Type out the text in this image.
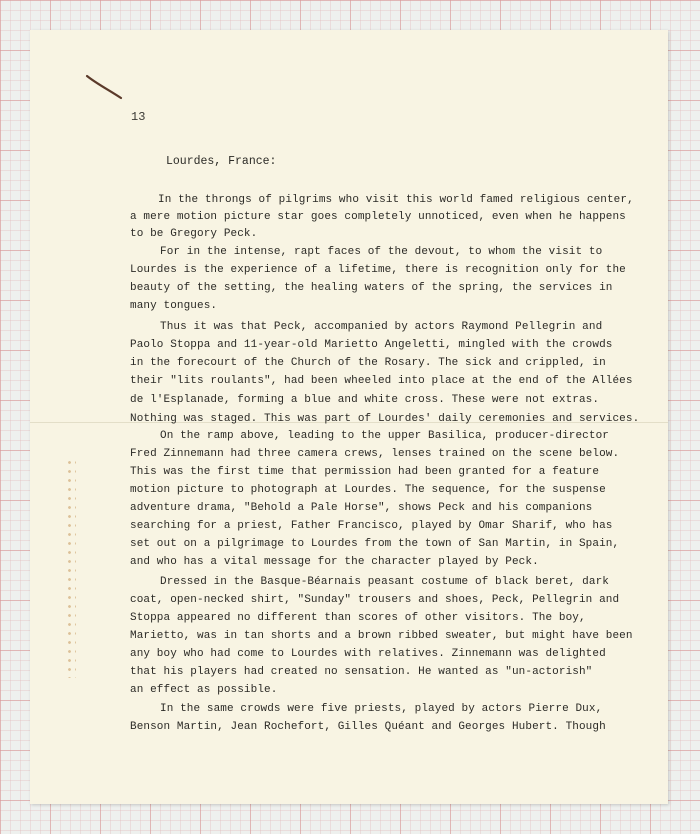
13
Lourdes, France:
In the throngs of pilgrims who visit this world famed religious center,
a mere motion picture star goes completely unnoticed, even when he happens
to be Gregory Peck.
For in the intense, rapt faces of the devout, to whom the visit to
Lourdes is the experience of a lifetime, there is recognition only for the
beauty of the setting, the healing waters of the spring, the services in
many tongues.
Thus it was that Peck, accompanied by actors Raymond Pellegrin and
Paolo Stoppa and 11-year-old Marietto Angeletti, mingled with the crowds
in the forecourt of the Church of the Rosary. The sick and crippled, in
their "lits roulants", had been wheeled into place at the end of the Allées
de l'Esplanade, forming a blue and white cross. These were not extras.
Nothing was staged. This was part of Lourdes' daily ceremonies and services.
On the ramp above, leading to the upper Basilica, producer-director
Fred Zinnemann had three camera crews, lenses trained on the scene below.
This was the first time that permission had been granted for a feature
motion picture to photograph at Lourdes. The sequence, for the suspense
adventure drama, "Behold a Pale Horse", shows Peck and his companions
searching for a priest, Father Francisco, played by Omar Sharif, who has
set out on a pilgrimage to Lourdes from the town of San Martin, in Spain,
and who has a vital message for the character played by Peck.
Dressed in the Basque-Béarnais peasant costume of black beret, dark
coat, open-necked shirt, "Sunday" trousers and shoes, Peck, Pellegrin and
Stoppa appeared no different than scores of other visitors. The boy,
Marietto, was in tan shorts and a brown ribbed sweater, but might have been
any boy who had come to Lourdes with relatives. Zinnemann was delighted
that his players had created no sensation. He wanted as "un-actorish"
an effect as possible.
In the same crowds were five priests, played by actors Pierre Dux,
Benson Martin, Jean Rochefort, Gilles Quéant and Georges Hubert. Though
